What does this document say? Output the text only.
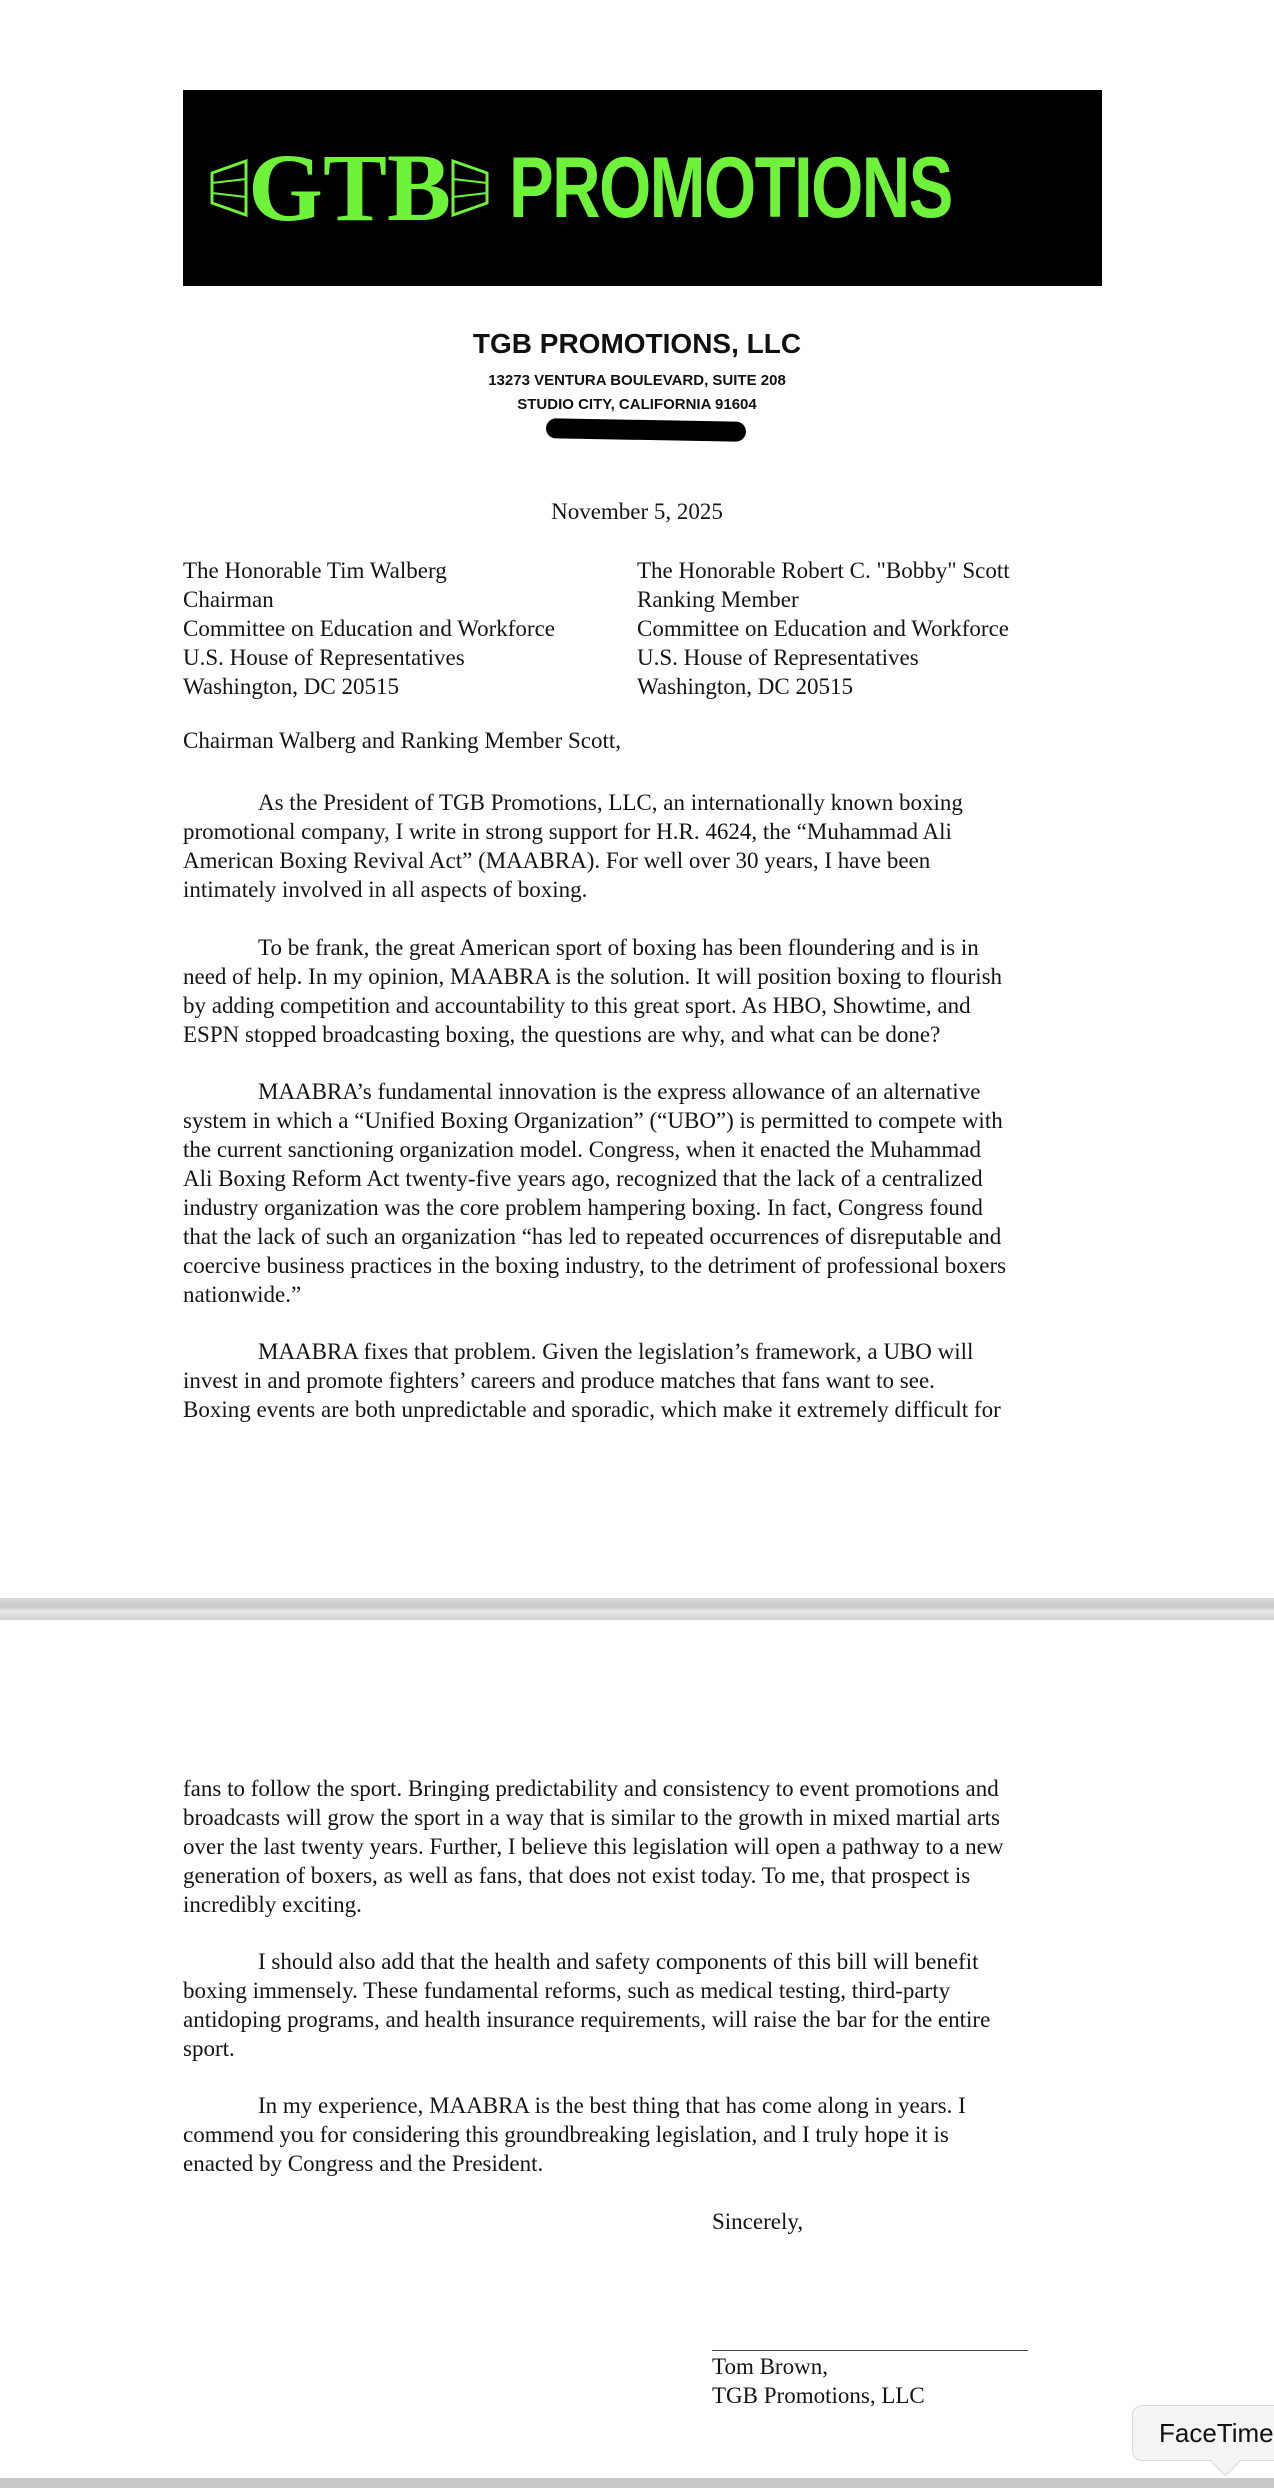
GTB PROMOTIONS
TGB PROMOTIONS, LLC
13273 VENTURA BOULEVARD, SUITE 208
STUDIO CITY, CALIFORNIA 91604
November 5, 2025
The Honorable Tim Walberg
Chairman
Committee on Education and Workforce
U.S. House of Representatives
Washington, DC 20515
The Honorable Robert C. "Bobby" Scott
Ranking Member
Committee on Education and Workforce
U.S. House of Representatives
Washington, DC 20515
Chairman Walberg and Ranking Member Scott,
As the President of TGB Promotions, LLC, an internationally known boxing
promotional company, I write in strong support for H.R. 4624, the “Muhammad Ali
American Boxing Revival Act” (MAABRA). For well over 30 years, I have been
intimately involved in all aspects of boxing.
To be frank, the great American sport of boxing has been floundering and is in
need of help. In my opinion, MAABRA is the solution. It will position boxing to flourish
by adding competition and accountability to this great sport. As HBO, Showtime, and
ESPN stopped broadcasting boxing, the questions are why, and what can be done?
MAABRA’s fundamental innovation is the express allowance of an alternative
system in which a “Unified Boxing Organization” (“UBO”) is permitted to compete with
the current sanctioning organization model. Congress, when it enacted the Muhammad
Ali Boxing Reform Act twenty-five years ago, recognized that the lack of a centralized
industry organization was the core problem hampering boxing. In fact, Congress found
that the lack of such an organization “has led to repeated occurrences of disreputable and
coercive business practices in the boxing industry, to the detriment of professional boxers
nationwide.”
MAABRA fixes that problem. Given the legislation’s framework, a UBO will
invest in and promote fighters’ careers and produce matches that fans want to see.
Boxing events are both unpredictable and sporadic, which make it extremely difficult for
fans to follow the sport. Bringing predictability and consistency to event promotions and
broadcasts will grow the sport in a way that is similar to the growth in mixed martial arts
over the last twenty years. Further, I believe this legislation will open a pathway to a new
generation of boxers, as well as fans, that does not exist today. To me, that prospect is
incredibly exciting.
I should also add that the health and safety components of this bill will benefit
boxing immensely. These fundamental reforms, such as medical testing, third-party
antidoping programs, and health insurance requirements, will raise the bar for the entire
sport.
In my experience, MAABRA is the best thing that has come along in years. I
commend you for considering this groundbreaking legislation, and I truly hope it is
enacted by Congress and the President.
Sincerely,
Tom Brown,
TGB Promotions, LLC
FaceTime
